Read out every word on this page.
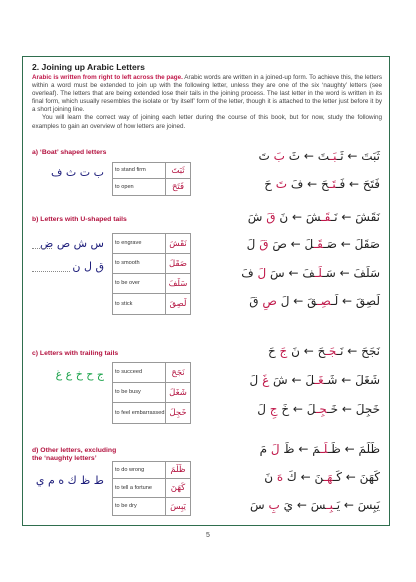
2. Joining up Arabic Letters

Arabic is written from right to left across the page. Arabic words are written in a joined-up form. To achieve this, the letters within a word must be extended to join up with the following letter, unless they are one of the six ‘naughty’ letters (see overleaf). The letters that are being extended lose their tails in the joining process. The last letter in the word is written in its final form, which usually resembles the isolate or ‘by itself’ form of the letter, though it is attached to the letter just before it by a short joining line.

You will learn the correct way of joining each letter during the course of this book, but for now, study the following examples to gain an overview of how letters are joined.

a) ‘Boat’ shaped letters
ب ت ث ف	to stand firm	ثَبَتَ
to open	فَتَحَ
ثَبَتَ ← ثَـبَـتَ ← ثَ بَ تَ
فَتَحَ ← فَـتَـحَ ← فَ تَ حَ
b) Letters with U-shaped tails
س ش ص ض
ق ل ن
to engrave	نَقَشَ
to smooth	صَقَلَ
to be over	سَلَفَ
to stick	لَصِقَ
نَقَشَ ← نَـقَـشَ ← نَ قَ شَ
صَقَلَ ← صَـقَـلَ ← صَ قَ لَ
سَلَفَ ← سَـلَـفَ ← سَ لَ فَ
لَصِقَ ← لَـصِـقَ ← لَ صِ قَ
c) Letters with trailing tails
ج ح خ ع غ	to succeed	نَجَحَ
to be busy	شَغَلَ
to feel embarrassed خَجِلَ
نَجَحَ ← نَـجَـحَ ← نَ جَ حَ
شَغَلَ ← شَـغَـلَ ← شَ غَ لَ
خَجِلَ ← خَـجِـلَ ← خَ جِ لَ
d) Other letters, excluding the ‘naughty letters’
ط ظ ك ه م ي
to do wrong	ظَلَمَ
to tell a fortune	كَهَنَ
to be dry	يَبِسَ
ظَلَمَ ← ظَـلَـمَ ← ظَ لَ مَ
كَهَنَ ← كَـهَـنَ ← كَ هَ نَ
يَبِسَ ← يَـبِـسَ ← يَ بِ سَ
5
